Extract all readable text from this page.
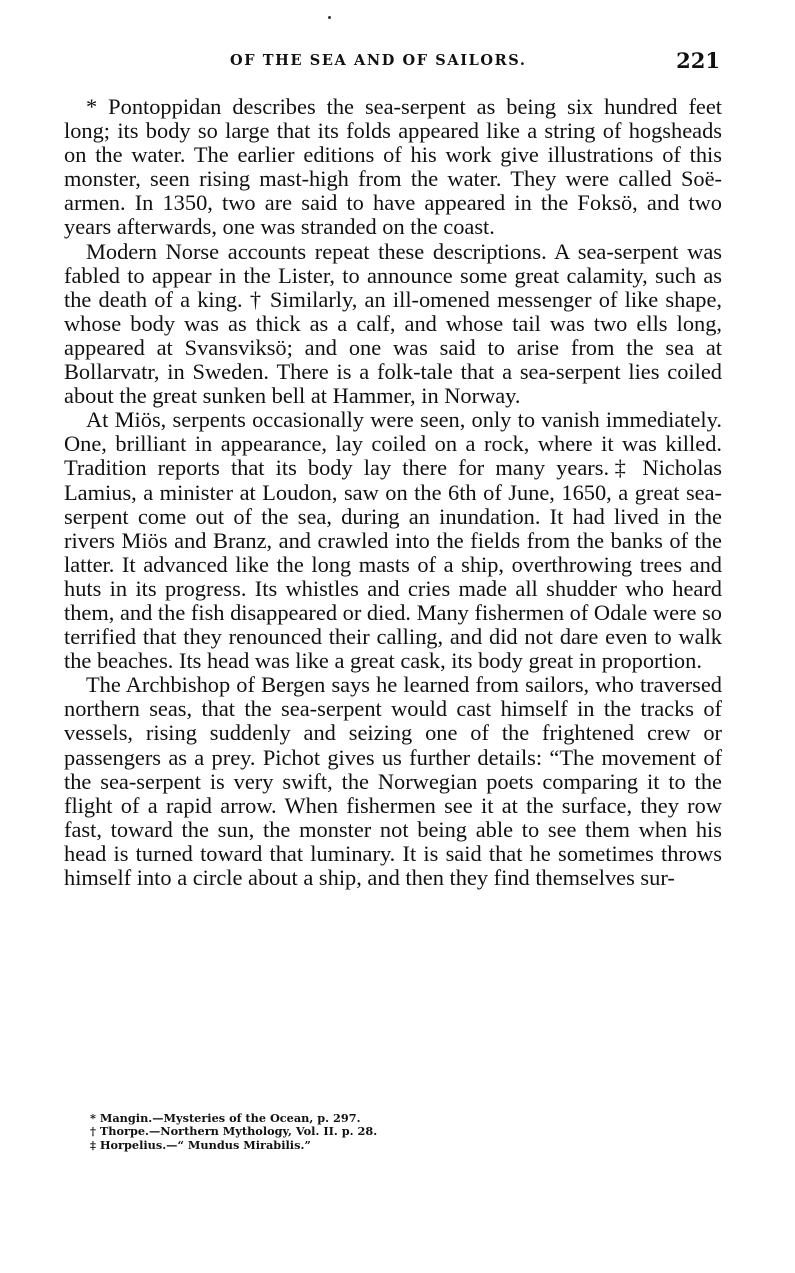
OF THE SEA AND OF SAILORS.	221

* Pontoppidan describes the sea-serpent as being six hundred feet long; its body so large that its folds appeared like a string of hogsheads on the water. The earlier editions of his work give illustrations of this monster, seen rising mast-high from the water. They were called Soë-armen. In 1350, two are said to have appeared in the Foksö, and two years afterwards, one was stranded on the coast.

Modern Norse accounts repeat these descriptions. A sea-serpent was fabled to appear in the Lister, to announce some great calamity, such as the death of a king. † Similarly, an ill-omened messenger of like shape, whose body was as thick as a calf, and whose tail was two ells long, appeared at Svansviksö; and one was said to arise from the sea at Bollarvatr, in Sweden. There is a folk-tale that a sea-serpent lies coiled about the great sunken bell at Hammer, in Norway.

At Miös, serpents occasionally were seen, only to vanish immediately. One, brilliant in appearance, lay coiled on a rock, where it was killed. Tradition reports that its body lay there for many years.‡ Nicholas Lamius, a minister at Loudon, saw on the 6th of June, 1650, a great sea-serpent come out of the sea, during an inundation. It had lived in the rivers Miös and Branz, and crawled into the fields from the banks of the latter. It advanced like the long masts of a ship, overthrowing trees and huts in its progress. Its whistles and cries made all shudder who heard them, and the fish disappeared or died. Many fishermen of Odale were so terrified that they renounced their calling, and did not dare even to walk the beaches. Its head was like a great cask, its body great in proportion.

The Archbishop of Bergen says he learned from sailors, who traversed northern seas, that the sea-serpent would cast himself in the tracks of vessels, rising suddenly and seizing one of the frightened crew or passengers as a prey. Pichot gives us further details: “The movement of the sea-serpent is very swift, the Norwegian poets comparing it to the flight of a rapid arrow. When fishermen see it at the surface, they row fast, toward the sun, the monster not being able to see them when his head is turned toward that luminary. It is said that he sometimes throws himself into a circle about a ship, and then they find themselves sur-

* Mangin.—Mysteries of the Ocean, p. 297.
† Thorpe.—Northern Mythology, Vol. II. p. 28.
‡ Horpelius.—“ Mundus Mirabilis.”
